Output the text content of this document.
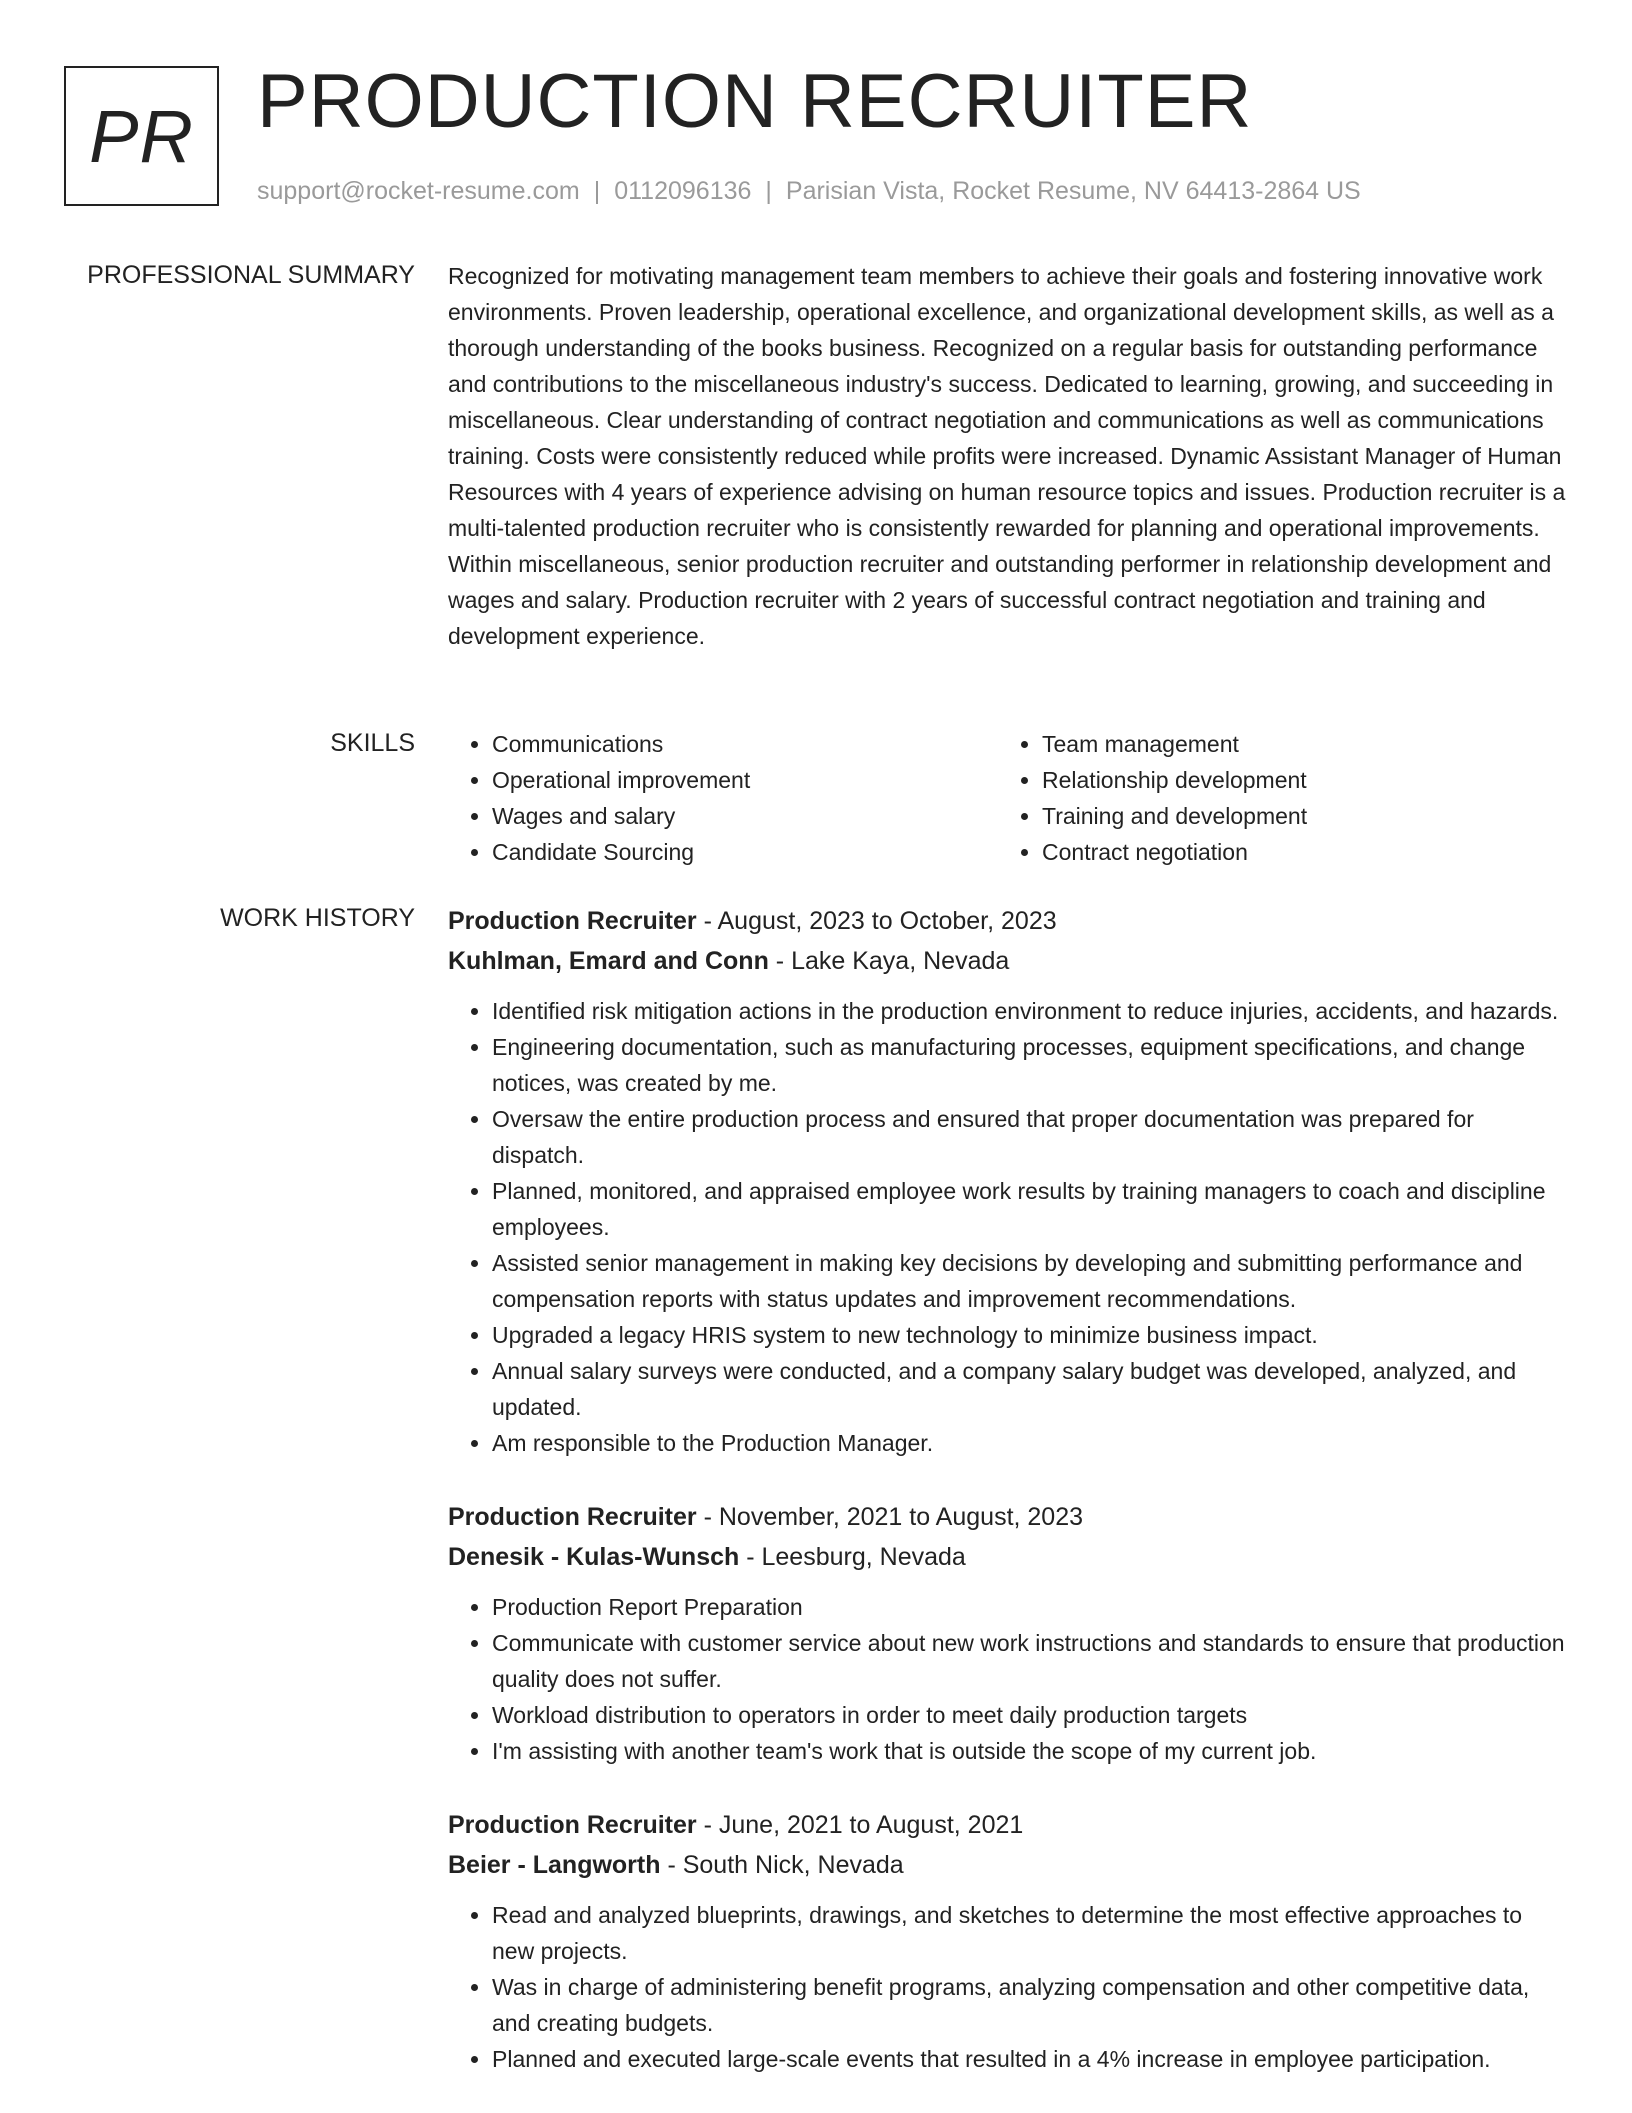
PR PRODUCTION RECRUITER
support@rocket-resume.com | 0112096136 | Parisian Vista, Rocket Resume, NV 64413-2864 US
PROFESSIONAL SUMMARY Recognized for motivating management team members to achieve their goals and fostering innovative work environments. Proven leadership, operational excellence, and organizational development skills, as well as a thorough understanding of the books business. Recognized on a regular basis for outstanding performance and contributions to the miscellaneous industry's success. Dedicated to learning, growing, and succeeding in miscellaneous. Clear understanding of contract negotiation and communications as well as communications training. Costs were consistently reduced while profits were increased. Dynamic Assistant Manager of Human Resources with 4 years of experience advising on human resource topics and issues. Production recruiter is a multi-talented production recruiter who is consistently rewarded for planning and operational improvements. Within miscellaneous, senior production recruiter and outstanding performer in relationship development and wages and salary. Production recruiter with 2 years of successful contract negotiation and training and development experience.

SKILLS
•	Communications
• Operational improvement
• Wages and salary
• Candidate Sourcing
• Team management
• Relationship development
• Training and development
• Contract negotiation
WORK HISTORY Production Recruiter - August, 2023 to October, 2023
Kuhlman, Emard and Conn - Lake Kaya, Nevada
• Identified risk mitigation actions in the production environment to reduce injuries, accidents, and hazards.
• Engineering documentation, such as manufacturing processes, equipment specifications, and change notices, was created by me.
• Oversaw the entire production process and ensured that proper documentation was prepared for dispatch.
• Planned, monitored, and appraised employee work results by training managers to coach and discipline employees.
• Assisted senior management in making key decisions by developing and submitting performance and compensation reports with status updates and improvement recommendations.
• Upgraded a legacy HRIS system to new technology to minimize business impact.
• Annual salary surveys were conducted, and a company salary budget was developed, analyzed, and updated.
• Am responsible to the Production Manager.
Production Recruiter - November, 2021 to August, 2023
Denesik - Kulas-Wunsch - Leesburg, Nevada
• Production Report Preparation
• Communicate with customer service about new work instructions and standards to ensure that production quality does not suffer.
• Workload distribution to operators in order to meet daily production targets
• I'm assisting with another team's work that is outside the scope of my current job.
Production Recruiter - June, 2021 to August, 2021
Beier - Langworth - South Nick, Nevada
• Read and analyzed blueprints, drawings, and sketches to determine the most effective approaches to new projects.
• Was in charge of administering benefit programs, analyzing compensation and other competitive data, and creating budgets.
• Planned and executed large-scale events that resulted in a 4% increase in employee participation.
